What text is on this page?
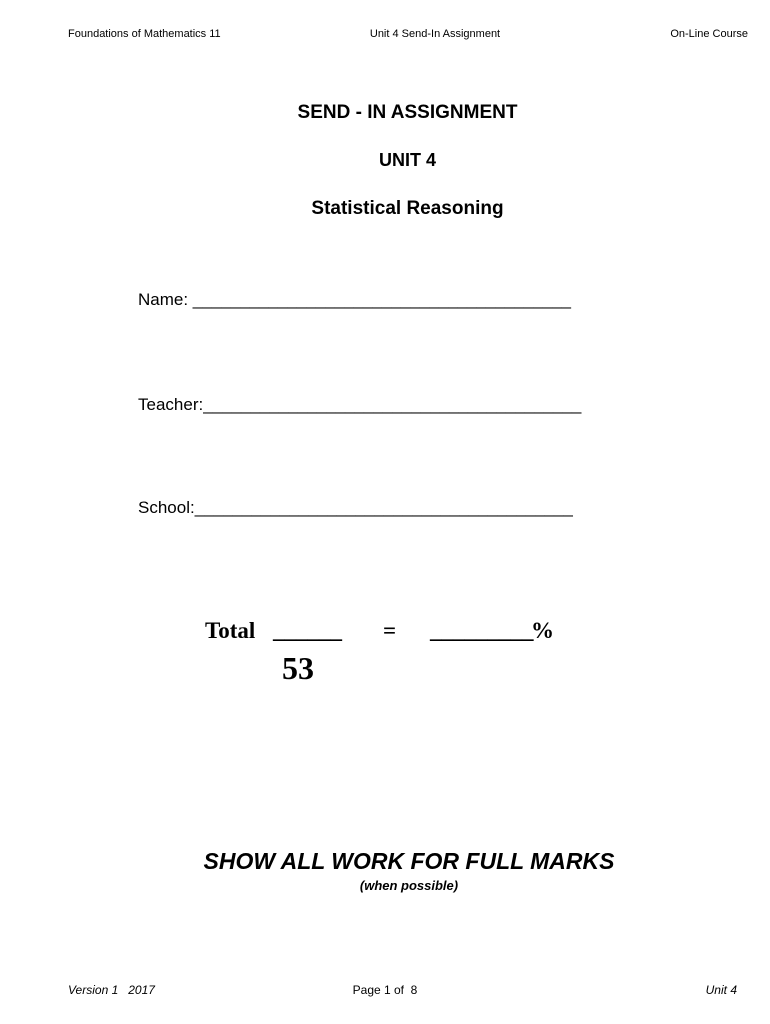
Foundations of Mathematics 11	Unit 4 Send-In Assignment	On-Line Course
SEND - IN ASSIGNMENT
UNIT 4
Statistical Reasoning
Name: ________________________________________
Teacher:________________________________________
School:________________________________________
Total ______ = _________
%
53
SHOW ALL WORK FOR FULL MARKS
(when possible)
Version 1   2017	Page 1 of  8	Unit 4
